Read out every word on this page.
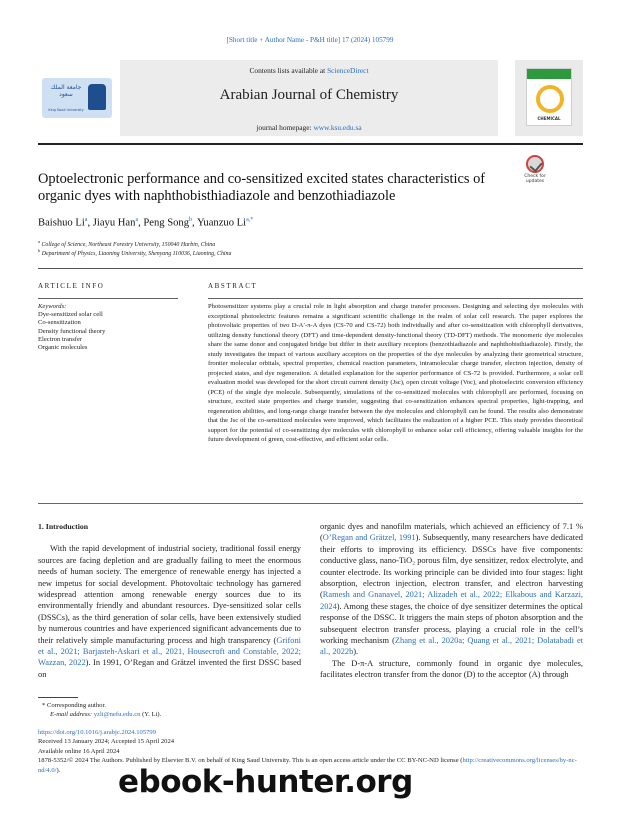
[Short title + Author Name - P&H title] 17 (2024) 105799
جامعة الملك سعود
King Saud University
Contents lists available at ScienceDirect
Arabian Journal of Chemistry
journal homepage: www.ksu.edu.sa
CHEMICAL
Optoelectronic performance and co-sensitized excited states characteristics of organic dyes with naphthobisthiadiazole and benzothiadiazole
Check for updates
Baishuo Li$^a$, Jiayu Han$^a$, Peng Song$^b$, Yuanzuo $Li^{a,*}$
$^a$ College of Science, Northeast Forestry University, 150040 Harbin, China
$^b$ Department of Physics, Liaoning University, Shenyang 110036, Liaoning, China
ARTICLE INFO	ABSTRACT
Keywords:
Dye-sensitized solar cell
Co-sensitization
Density functional theory
Electron transfer
Organic molecules
Photosensitizer systems play a crucial role in light absorption and charge transfer processes. Designing and selecting dye molecules with exceptional photoelectric features remains a significant scientific challenge in the realm of solar cell research. The paper explores the photovoltaic properties of two D-A′-π-A dyes (CS-70 and CS-72) both individually and after co-sensitization with chlorophyll derivatives, utilizing density functional theory (DFT) and time-dependent density-functional theory (TD-DFT) methods. The monomeric dye molecules share the same donor and conjugated bridge but differ in their auxiliary receptors (benzothiadiazole and naphthobisthiadiazole). Firstly, the study investigates the impact of various auxiliary acceptors on the properties of the dye molecules by analyzing their geometrical structure, frontier molecular orbitals, spectral properties, chemical reaction parameters, intramolecular charge transfer, electron injection, density of projected states, and dye regeneration. A detailed explanation for the superior performance of CS-72 is provided. Furthermore, a solar cell evaluation model was developed for the short circuit current density (Jsc), open circuit voltage (Voc), and photoelectric conversion efficiency (PCE) of the single dye molecule. Subsequently, simulations of the co-sensitized molecules with chlorophyll are performed, focusing on structure, excited state properties and charge transfer, suggesting that co-sensitization enhances spectral properties, light-trapping, and regeneration abilities, and long-range charge transfer between the dye molecules and chlorophyll can be found. The results also demonstrate that the Jsc of the co-sensitized molecules were improved, which facilitates the realization of a higher PCE. This study provides theoretical support for the potential of co-sensitizing dye molecules with chlorophyll to enhance solar cell efficiency, offering valuable insights for the future development of green, cost-effective, and efficient solar cells.
1. Introduction

With the rapid development of industrial society, traditional fossil energy sources are facing depletion and are gradually failing to meet the enormous needs of human society. The emergence of renewable energy has injected a new impetus for social development. Photovoltaic technology has garnered widespread attention among renewable energy sources due to its environmentally friendly and abundant resources. Dye-sensitized solar cells (DSSCs), as the third generation of solar cells, have been extensively studied by numerous countries and have experienced significant advancements due to their relatively simple manufacturing process and high transparency (Grifoni et al., 2021; Barjasteh-Askari et al., 2021, Housecroft and Constable, 2022; Wazzan, 2022). In 1991, O’Regan and Grätzel invented the first DSSC based on

organic dyes and nanofilm materials, which achieved an efficiency of 7.1 % (O’Regan and Grätzel, 1991). Subsequently, many researchers have dedicated their efforts to improving its efficiency. DSSCs have five components: conductive glass, nano-TiO₂ porous film, dye sensitizer, redox electrolyte, and counter electrode. Its working principle can be divided into four stages: light absorption, electron injection, electron transfer, and electron harvesting (Ramesh and Gnanavel, 2021; Alizadeh et al., 2022; Elkabous and Karzazi, 2024). Among these stages, the choice of dye sensitizer determines the optical response of the DSSC. It triggers the main steps of photon absorption and the subsequent electron transfer process, playing a crucial role in the cell’s working mechanism (Zhang et al., 2020a; Quang et al., 2021; Dolatabadi et al., 2022b).

The D-π-A structure, commonly found in organic dye molecules, facilitates electron transfer from the donor (D) to the acceptor (A) through

* Corresponding author.
E-mail address: yzli@nefu.edu.cn (Y. Li).
https://doi.org/10.1016/j.arabjc.2024.105799
Received 13 January 2024; Accepted 15 April 2024
Available online 16 April 2024
1878-5352/© 2024 The Authors. Published by Elsevier B.V. on behalf of King Saud University. This is an open access article under the CC BY-NC-ND license (http://creativecommons.org/licenses/by-nc-nd/4.0/).	ebook-hunter.org
